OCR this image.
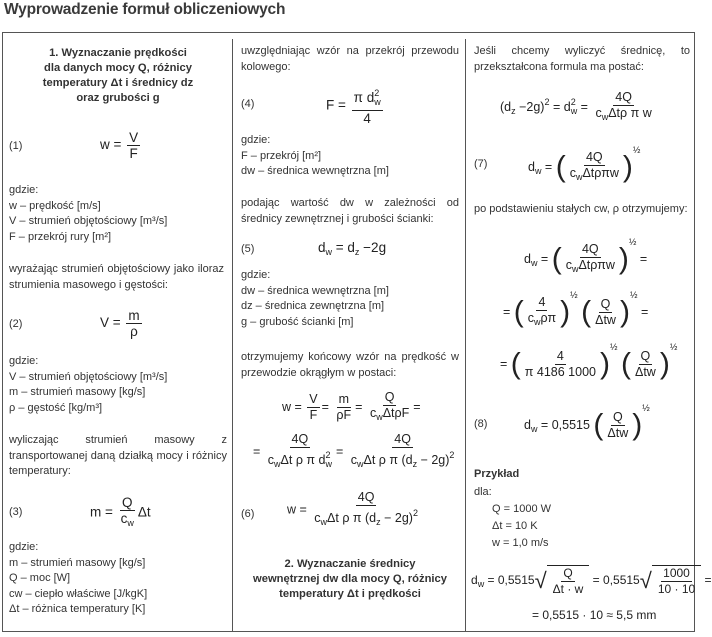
Wyprowadzenie formuł obliczeniowych
1. Wyznaczanie prędkości
dla danych mocy Q, różnicy
temperatury Δt i średnicy dz
oraz grubości g
(1)	$w = \frac{V}{F}$
gdzie:
w – prędkość [m/s]
V – strumień objętościowy [m³/s]
F – przekrój rury [m²]
wyrażając strumień objętościowy jako iloraz strumienia masowego i gęstości:
(2)	$V = \frac{m}{\rho}$
gdzie:
V – strumień objętościowy [m³/s]
m – strumień masowy [kg/s]
ρ – gęstość [kg/m³]
wyliczając strumień masowy z transportowanej daną działką mocy i różnicy temperatury:
(3)	$m = \frac{Q}{c_w}$ Δt
gdzie:
m – strumień masowy [kg/s]
Q – moc [W]
cw – ciepło właściwe [J/kgK]
Δt – różnica temperatury [K]
uwzględniając wzór na przekrój przewodu kolowego:
(4)	$F = \frac{\pi d^2_w}{4}$
gdzie:
F – przekrój [m²]
dw – średnica wewnętrzna [m]
podając wartość dw w zależności od średnicy zewnętrznej i grubości ścianki:
(5)	$d_w = d_z -2g$
gdzie:
dw – średnica wewnętrzna [m]
dz – średnica zewnętrzna [m]
g – grubość ścianki [m]
otrzymujemy końcowy wzór na prędkość w przewodzie okrągłym w postaci:
$w = \frac{V}{F} = \frac{m}{\rho F} = \frac{Q}{c_w\Delta t\rho F}$ =
= $\frac{4Q}{c_w\Delta t \rho \pi d^2_w} = \frac{4Q}{c_w\Delta t \rho \pi (d_z - 2g)^2}$
(6)	$w = \frac{4Q}{c_w\Delta t \rho \pi (d_z - 2g)^2}$
2. Wyznaczanie średnicy
wewnętrznej dw dla mocy Q, różnicy
temperatury Δt i prędkości
Jeśli chcemy wyliczyć średnicę, to przekształcona formula ma postać:
$(d_z -2g)^2 = d^2_w = \frac{4Q}{c_w\Delta t\rho \pi w}$
(7)	$d_w$ = ( $\frac{4Q}{c_w\Delta t\rho\pi w} )^{\frac{1}{2}}$
po podstawieniu stałych cw, ρ otrzymujemy:
$d_w$ = ( $\frac{4Q}{c_w\Delta t\rho\pi w} )^{\frac{1}{2}}$ =
= ( $\frac{4}{c_w\rho\pi} )^{\frac{1}{2}}$ ( $\frac{Q}{\text{Δtw}} )^{\frac{1}{2}}$ =
= ( $\frac{4}{\pi 4186 1000} )^{\frac{1}{2}}$ ( $\frac{Q}{\text{Δtw}} )^{\frac{1}{2}}$
(8)	$d_w = 0,5515$ ( $\frac{Q}{\text{Δtw}} )^{\frac{1}{2}}$
Przykład
dla:
Q = 1000 W
Δt = 10 K
w = 1,0 m/s
$d_w = 0,5515√ \frac{Q}{\Delta t \cdot w} = 0,5515√ \frac{1000}{10 \cdot 10}$ =
= 0,5515 · 10 ≈ 5,5 mm
